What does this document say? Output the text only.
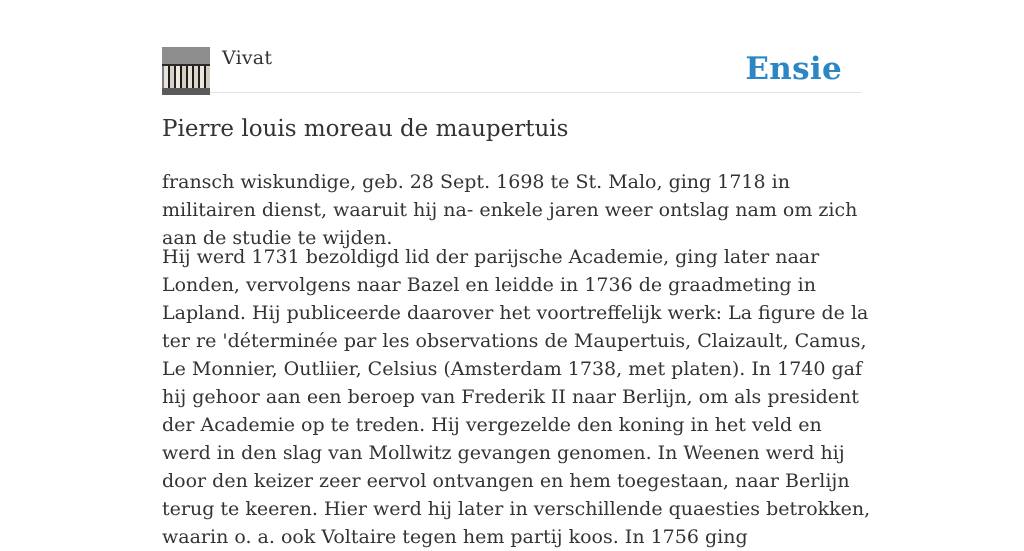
Vivat	Ensie
Pierre louis moreau de maupertuis

fransch wiskundige, geb. 28 Sept. 1698 te St. Malo, ging 1718 in militairen dienst, waaruit hij na- enkele jaren weer ontslag nam om zich aan de studie te wijden.

Hij werd 1731 bezoldigd lid der parijsche Academie, ging later naar Londen, vervolgens naar Bazel en leidde in 1736 de graadmeting in Lapland. Hij publiceerde daarover het voortreffelijk werk: La figure de la ter re 'déterminée par les observations de Maupertuis, Claizault, Camus, Le Monnier, Outliier, Celsius (Amsterdam 1738, met platen). In 1740 gaf hij gehoor aan een beroep van Frederik II naar Berlijn, om als president der Academie op te treden. Hij vergezelde den koning in het veld en werd in den slag van Mollwitz gevangen genomen. In Weenen werd hij door den keizer zeer eervol ontvangen en hem toegestaan, naar Berlijn terug te keeren. Hier werd hij later in verschillende quaesties betrokken, waarin o. a. ook Voltaire tegen hem partij koos. In 1756 ging
